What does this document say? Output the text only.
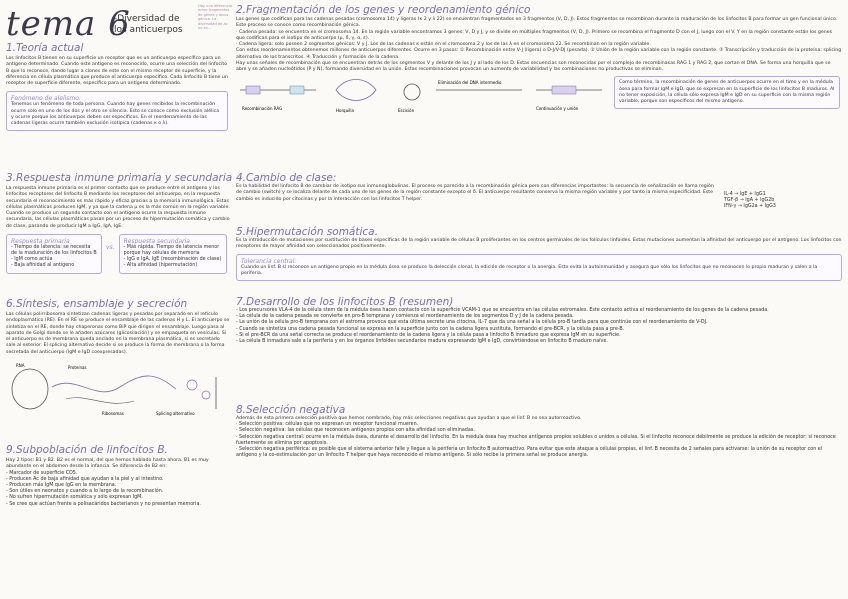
tema 6
-Diversidad de los anticuerpos
Hay una diferencia entre fragmentos de genes y locus génico. La diversidad de Ac no es...
1.Teoría actual
Los linfocitos B tienen en su superficie un receptor que es un anticuerpo específico para un antígeno determinado. Cuando este antígeno es reconocido, ocurre una selección del linfocito B que lo reconoce, dando lugar a clones de este con el mismo receptor de superficie, y la diferencia en célula plasmática que produce el anticuerpo específico. Cada linfocito B tiene un receptor de superficie diferente, específico para un antígeno determinado.
Fenómeno de alelismo:
Tenemos un fenómeno de toda persona. Cuando hay genes recibidos la recombinación ocurre solo en uno de los dos y el otro se silencia. Esto se conoce como exclusión alélica y ocurre porque los anticuerpos deben ser específicos. En el reordenamiento de las cadenas ligeras ocurre también exclusión isotípica (cadenas κ o λ).
3.Respuesta inmune primaria y secundaria
La respuesta inmune primaria es el primer contacto que se produce entre el antígeno y los linfocitos receptores del linfocito B mediante los receptores del anticuerpo, en la respuesta secundaria el reconocimiento es más rápido y eficaz gracias a la memoria inmunológica. Estas células plasmáticas producen IgM, y ya que la cadena μ es la más común en la región variable. Cuando se produce un segundo contacto con el antígeno ocurre la respuesta inmune secundaria, las células plasmáticas pasan por un proceso de hipermutación somática y cambio de clase, pasando de producir IgM a IgG, IgA, IgE.
Respuesta primaria
- Tiempo de latencia: se necesita de la maduración de los linfocitos B
- IgM como actúa
- Baja afinidad al antígeno
vs.
Respuesta secundaria
- Más rápida. Tiempo de latencia menor porque hay células de memoria
- IgG e IgA, IgE (recombinación de clase)
- Alta afinidad (hipermutación)
6.Síntesis, ensamblaje y secreción
Las células polirribosoma sintetizan cadenas ligeras y pesadas por separado en el retículo endoplasmático (RE). En el RE se produce el ensamblaje de las cadenas H y L. El anticuerpo se sintetiza en el RE, donde hay chaperonas como BiP que dirigen el ensamblaje. Luego pasa al aparato de Golgi donde se le añaden azúcares (glicosilación) y se empaqueta en vesículas. Si el anticuerpo es de membrana queda anclado en la membrana plasmática, si es secretado sale al exterior. El splicing alternativo decide si se produce la forma de membrana o la forma secretada del anticuerpo (IgM e IgD coexpresadas).
RNA	Proteínas
Ribosomas	Splicing alternativo
9.Subpoblación de linfocitos B.
Hay 2 tipos: B1 y B2. B2 es el normal, del que hemos hablado hasta ahora. B1 es muy abundante en el abdomen desde la infancia. Se diferencia de B2 en:
- Marcador de superficie CD5.
- Producen Ac de baja afinidad que ayudan a la piel y al intestino.
- Producen más IgM que IgG en la membrana.
- Son útiles en neonatos y cuando a lo largo de la recombinación.
- No sufren hipermutación somática y sólo expresan IgM.
- Se cree que actúan frente a polisacáridos bacterianos y no presentan memoria.
2.Fragmentación de los genes y reordenamiento génico
Los genes que codifican para las cadenas pesadas (cromosoma 14) y ligeras (κ 2 y λ 22) se encuentran fragmentados en 3 fragmentos (V, D, J). Estos fragmentos se recombinan durante la maduración de los linfocitos B para formar un gen funcional único. Este proceso se conoce como recombinación génica.
· Cadena pesada: se encuentra en el cromosoma 14. En la región variable encontramos 3 genes: V, D y J, y se divide en múltiples fragmentos (V, D, J). Primero se recombina el fragmento D con el J, luego con el V. Y en la región constante están los genes que codifican para el isotipo de anticuerpo (μ, δ, γ, α, ε).
· Cadena ligera: solo poseen 2 segmentos génicos: V y J. Los de las cadenas κ están en el cromosoma 2 y los de las λ en el cromosoma 22. Se recombinan en la región variable.
Con estos reordenamientos obtenemos millones de anticuerpos diferentes. Ocurre en 3 pasos: ① Recombinación entre V-J (ligera) o D-J/V-DJ (pesada). ② Unión de la región variable con la región constante. ③ Transcripción y traducción de la proteína: splicing alternativo de los transcritos. ④ Traducción y formación de la cadena.
Hay unas señales de recombinación que se encuentran detrás de los segmentos V y delante de los J y al lado de los D. Estas secuencias son reconocidas por el complejo de recombinasas RAG 1 y RAG 2, que cortan el DNA. Se forma una horquilla que se abre y se añaden nucleótidos (P y N), formando diversidad en la unión. Estas recombinaciones provocan un aumento de variabilidad y las combinaciones no productivas se eliminan.
Recombinación RAG	Horquilla	Escisión
Eliminación del DNA intermedio
Continuación y unión
Como término, la recombinación de genes de anticuerpos ocurre en el timo y en la médula ósea para formar IgM e IgD, que se expresan en la superficie de los linfocitos B maduros. Al no tener exposición, la célula sólo expresa IgM e IgD en su superficie con la misma región variable, porque son específicos del mismo antígeno.
4.Cambio de clase:
Es la habilidad del linfocito B de cambiar de isotipo sus inmunoglobulinas. El proceso es parecido a la recombinación génica pero con diferencias importantes: la secuencia de señalización se llama región de cambio (switch) y se localiza delante de cada uno de los genes de la región constante excepto el δ. El anticuerpo resultante conserva la misma región variable y por tanto la misma especificidad. Este cambio es inducido por citocinas y por la interacción con los linfocitos T helper.
IL-4 → IgE + IgG1
TGF-β → IgA + IgG2b
IFN-γ → IgG2a + IgG3
5.Hipermutación somática.
Es la introducción de mutaciones por sustitución de bases específicas de la región variable de células B proliferantes en los centros germinales de los folículos linfoides. Estas mutaciones aumentan la afinidad del anticuerpo por el antígeno. Los linfocitos con receptores de mayor afinidad son seleccionados positivamente.
Tolerancia central:
Cuando un linf. B sí reconoce un antígeno propio en la médula ósea se produce la delección clonal, la edición de receptor o la anergia. Esto evita la autoinmunidad y asegura que sólo los linfocitos que no reconocen lo propio maduran y salen a la periferia.
7.Desarrollo de los linfocitos B (resumen)
- Los precursores VLA-4 de la célula stem de la médula ósea hacen contacto con la superficie VCAM-1 que se encuentra en las células estromales. Este contacto activa el reordenamiento de los genes de la cadena pesada.
- La célula de la cadena pesada se convierte en pro-B temprana y comienza el reordenamiento de los segmentos D y J de la cadena pesada.
- La unión de la célula pro-B temprana con el estroma provoca que esta última secrete una citocina, IL-7 que da una señal a la célula pro-B tardía para que continúe con el reordenamiento de V-DJ.
- Cuando se sintetiza una cadena pesada funcional se expresa en la superficie junto con la cadena ligera sustituta, formando el pre-BCR, y la célula pasa a pre-B.
- Si el pre-BCR da una señal correcta se produce el reordenamiento de la cadena ligera y la célula pasa a linfocito B inmaduro que expresa IgM en su superficie.
- La célula B inmadura sale a la periferia y en los órganos linfoides secundarios madura expresando IgM e IgD, convirtiéndose en linfocito B maduro naïve.
8.Selección negativa
Además de esta primera selección positiva que hemos nombrado, hay más selecciones negativas que ayudan a que el linf. B no sea autorreactivo.
· Selección positiva: células que no expresan un receptor funcional mueren.
· Selección negativa: las células que reconocen antígenos propios con alta afinidad son eliminadas.
· Selección negativa central: ocurre en la médula ósea, durante el desarrollo del linfocito. En la médula ósea hay muchos antígenos propios solubles o unidos a células. Si el linfocito reconoce débilmente se produce la edición de receptor; si reconoce fuertemente se elimina por apoptosis.
· Selección negativa periférica: es posible que el sistema anterior falle y llegue a la periferia un linfocito B autorreactivo. Para evitar que este ataque a células propias, el linf. B necesita de 2 señales para activarse: la unión de su receptor con el antígeno y la co-estimulación por un linfocito T helper que haya reconocido el mismo antígeno. Si sólo recibe la primera señal se produce anergia.
